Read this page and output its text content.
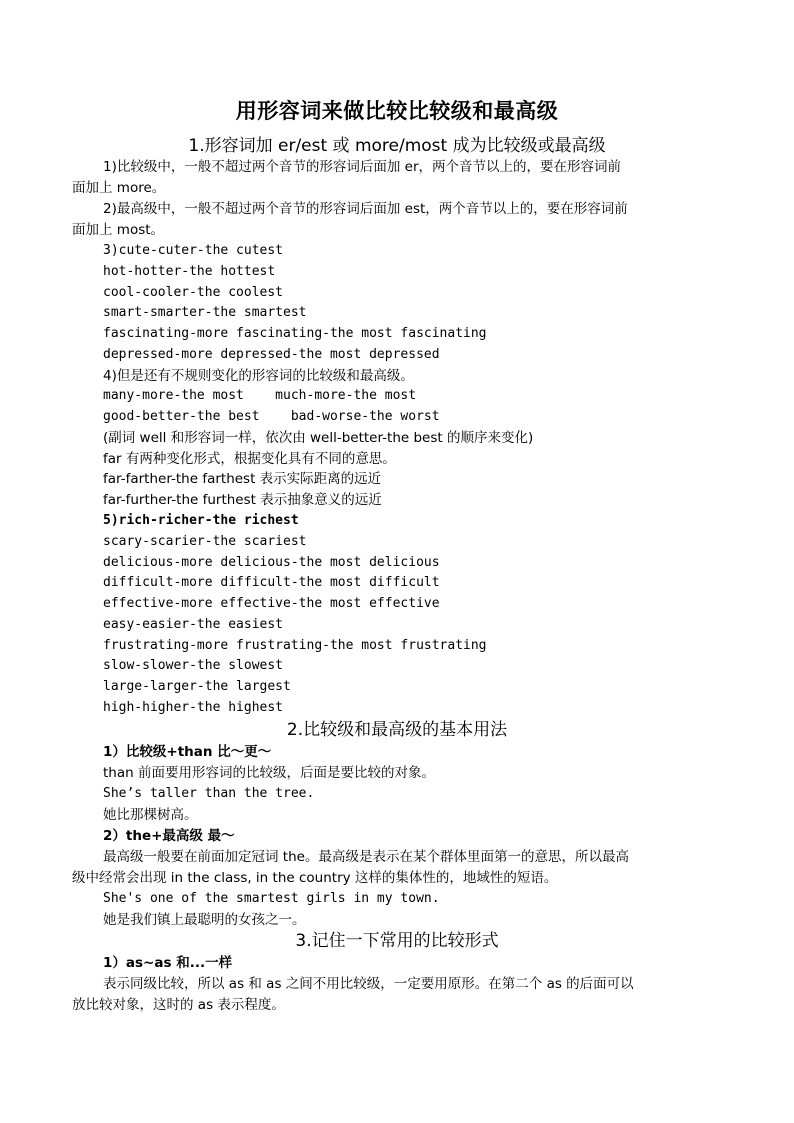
用形容词来做比较比较级和最高级
1.形容词加 er/est 或 more/most 成为比较级或最高级
1)比较级中，一般不超过两个音节的形容词后面加 er，两个音节以上的，要在形容词前
面加上 more。
2)最高级中，一般不超过两个音节的形容词后面加 est，两个音节以上的，要在形容词前
面加上 most。
3)cute-cuter-the cutest
hot-hotter-the hottest
cool-cooler-the coolest
smart-smarter-the smartest
fascinating-more fascinating-the most fascinating
depressed-more depressed-the most depressed
4)但是还有不规则变化的形容词的比较级和最高级。
many-more-the most    much-more-the most
good-better-the best    bad-worse-the worst
(副词 well 和形容词一样，依次由 well-better-the best 的顺序来变化)
far 有两种变化形式，根据变化具有不同的意思。
far-farther-the farthest 表示实际距离的远近
far-further-the furthest 表示抽象意义的远近
5)rich-richer-the richest
scary-scarier-the scariest
delicious-more delicious-the most delicious
difficult-more difficult-the most difficult
effective-more effective-the most effective
easy-easier-the easiest
frustrating-more frustrating-the most frustrating
slow-slower-the slowest
large-larger-the largest
high-higher-the highest
2.比较级和最高级的基本用法
1）比较级+than 比～更～
than 前面要用形容词的比较级，后面是要比较的对象。
She’s taller than the tree.
她比那棵树高。
2）the+最高级 最～
最高级一般要在前面加定冠词 the。最高级是表示在某个群体里面第一的意思，所以最高
级中经常会出现 in the class, in the country 这样的集体性的，地域性的短语。
She's one of the smartest girls in my town.
她是我们镇上最聪明的女孩之一。
3.记住一下常用的比较形式
1）as~as 和...一样
表示同级比较，所以 as 和 as 之间不用比较级，一定要用原形。在第二个 as 的后面可以
放比较对象，这时的 as 表示程度。
